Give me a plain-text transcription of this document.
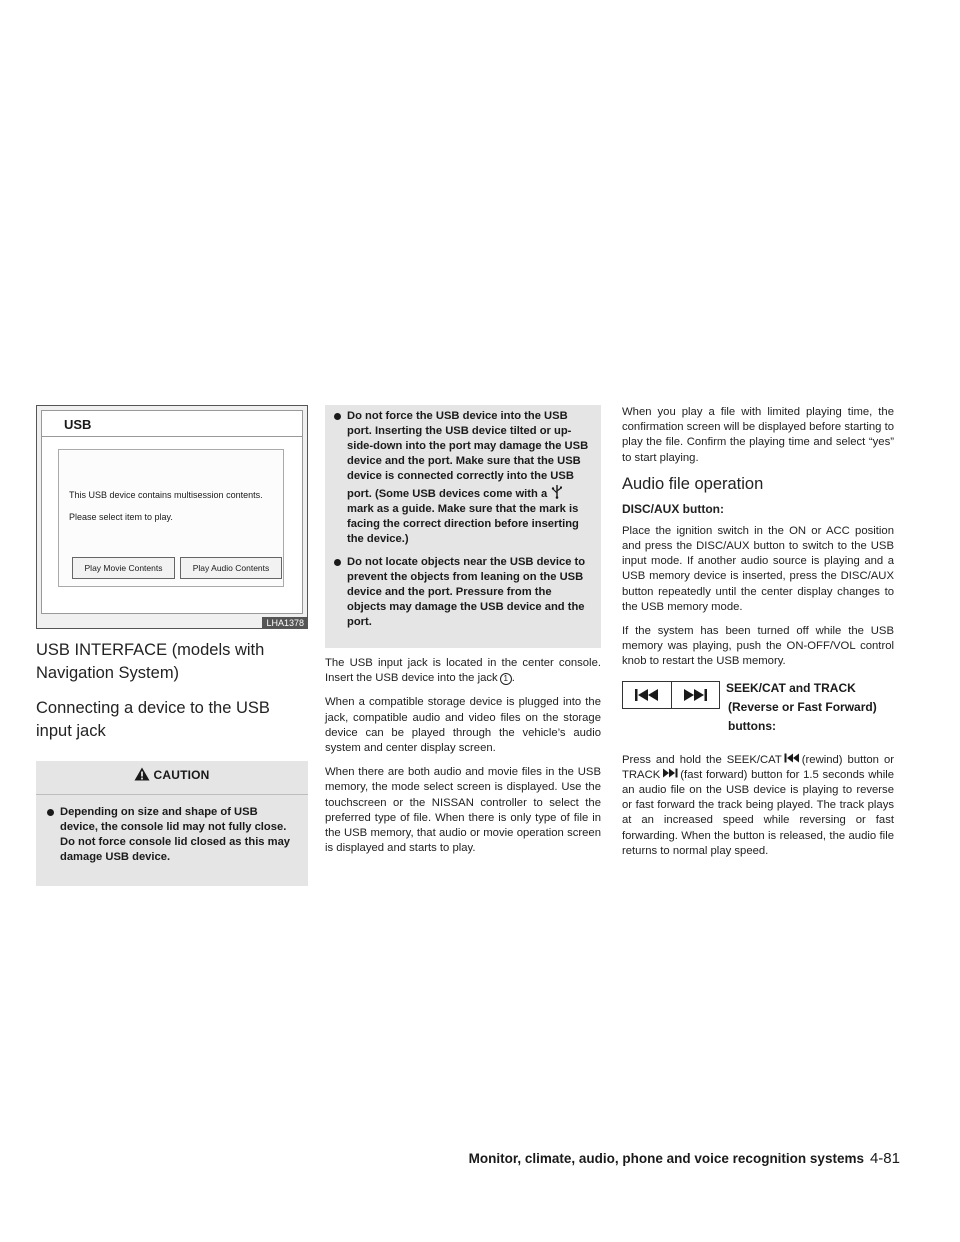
USB
This USB device contains multisession contents.
Please select item to play.
Play Movie Contents	Play Audio Contents
LHA1378
USB INTERFACE (models with Navigation System)
Connecting a device to the USB input jack
CAUTION
Depending on size and shape of USB device, the console lid may not fully close. Do not force console lid closed as this may damage USB device.
Do not force the USB device into the USB port. Inserting the USB device tilted or up-side-down into the port may damage the USB device and the port. Make sure that the USB device is connected correctly into the USB port. (Some USB devices come with a
mark as a guide. Make sure that the mark is facing the correct direction before inserting the device.)
Do not locate objects near the USB device to prevent the objects from leaning on the USB device and the port. Pressure from the objects may damage the USB device and the port.

The USB input jack is located in the center console. Insert the USB device into the jack 1 .

When a compatible storage device is plugged into the jack, compatible audio and video files on the storage device can be played through the vehicle’s audio system and center display screen.

When there are both audio and movie files in the USB memory, the mode select screen is displayed. Use the touchscreen or the NISSAN controller to select the preferred type of file. When there is only type of file in the USB memory, that audio or movie operation screen is displayed and starts to play.

When you play a file with limited playing time, the confirmation screen will be displayed before starting to play the file. Confirm the playing time and select “yes” to start playing.

Audio file operation
DISC/AUX button:

Place the ignition switch in the ON or ACC position and press the DISC/AUX button to switch to the USB input mode. If another audio source is playing and a USB memory device is inserted, press the DISC/AUX button repeatedly until the center display changes to the USB memory mode.

If the system has been turned off while the USB memory was playing, push the ON-OFF/VOL control knob to restart the USB memory.

SEEK/CAT and TRACK
(Reverse or Fast Forward)
buttons:

Press and hold the SEEK/CAT (rewind) button or TRACK (fast forward) button for 1.5 seconds while an audio file on the USB device is playing to reverse or fast forward the track being played. The track plays at an increased speed while reversing or fast forwarding. When the button is released, the audio file returns to normal play speed.

Monitor, climate, audio, phone and voice recognition systems 4-81
